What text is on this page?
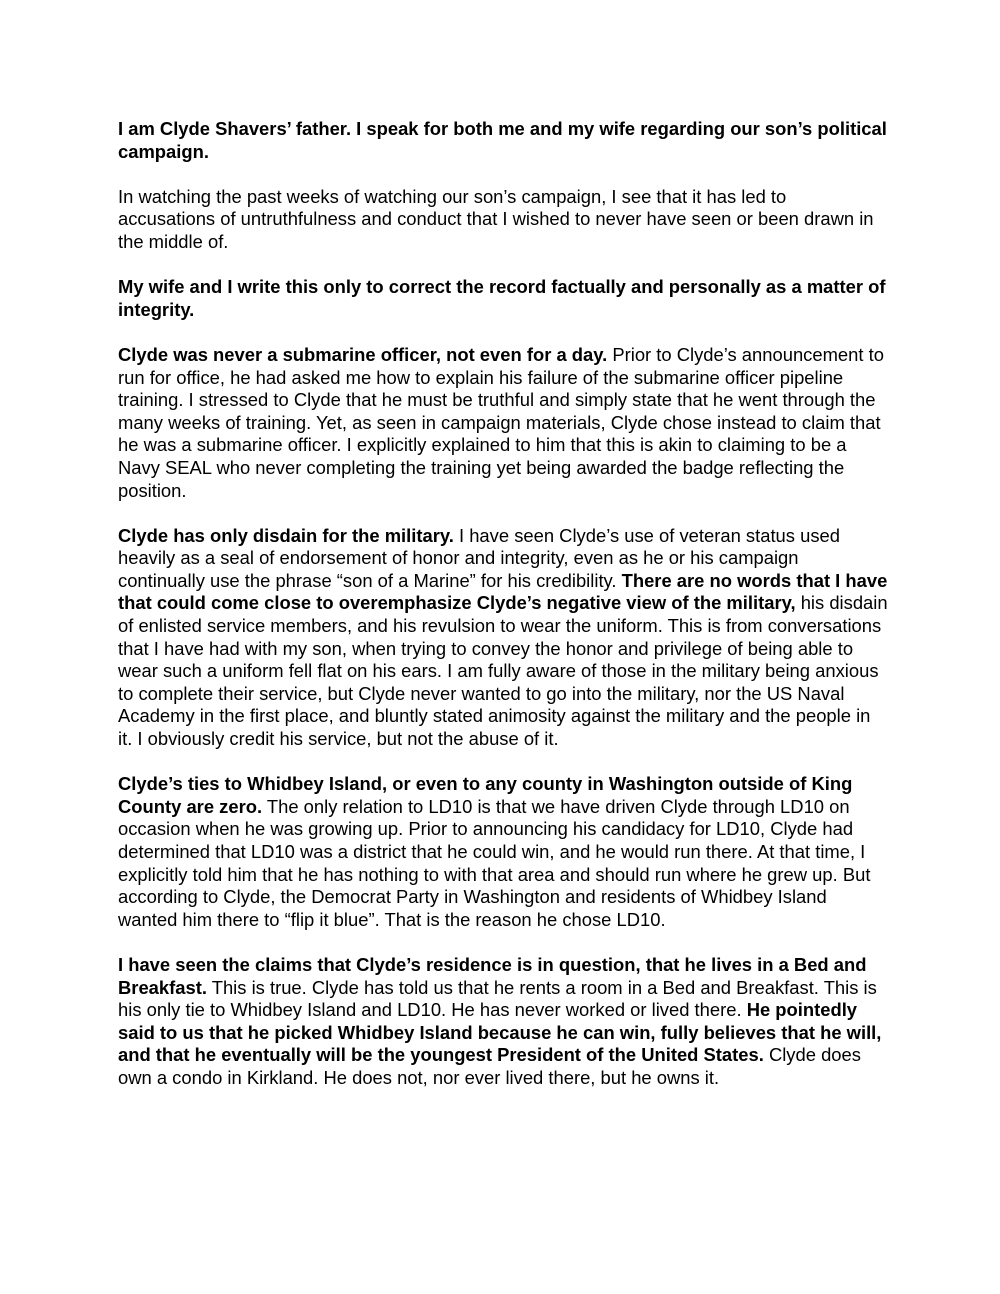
I am Clyde Shavers’ father. I speak for both me and my wife regarding our son’s political campaign.

In watching the past weeks of watching our son’s campaign, I see that it has led to accusations of untruthfulness and conduct that I wished to never have seen or been drawn in the middle of.

My wife and I write this only to correct the record factually and personally as a matter of integrity.

Clyde was never a submarine officer, not even for a day. Prior to Clyde’s announcement to run for office, he had asked me how to explain his failure of the submarine officer pipeline training. I stressed to Clyde that he must be truthful and simply state that he went through the many weeks of training. Yet, as seen in campaign materials, Clyde chose instead to claim that he was a submarine officer. I explicitly explained to him that this is akin to claiming to be a Navy SEAL who never completing the training yet being awarded the badge reflecting the position.

Clyde has only disdain for the military. I have seen Clyde’s use of veteran status used heavily as a seal of endorsement of honor and integrity, even as he or his campaign continually use the phrase “son of a Marine” for his credibility. There are no words that I have that could come close to overemphasize Clyde’s negative view of the military, his disdain of enlisted service members, and his revulsion to wear the uniform. This is from conversations that I have had with my son, when trying to convey the honor and privilege of being able to wear such a uniform fell flat on his ears. I am fully aware of those in the military being anxious to complete their service, but Clyde never wanted to go into the military, nor the US Naval Academy in the first place, and bluntly stated animosity against the military and the people in it. I obviously credit his service, but not the abuse of it.

Clyde’s ties to Whidbey Island, or even to any county in Washington outside of King County are zero. The only relation to LD10 is that we have driven Clyde through LD10 on occasion when he was growing up. Prior to announcing his candidacy for LD10, Clyde had determined that LD10 was a district that he could win, and he would run there. At that time, I explicitly told him that he has nothing to with that area and should run where he grew up. But according to Clyde, the Democrat Party in Washington and residents of Whidbey Island wanted him there to “flip it blue”. That is the reason he chose LD10.

I have seen the claims that Clyde’s residence is in question, that he lives in a Bed and Breakfast. This is true. Clyde has told us that he rents a room in a Bed and Breakfast. This is his only tie to Whidbey Island and LD10. He has never worked or lived there. He pointedly said to us that he picked Whidbey Island because he can win, fully believes that he will, and that he eventually will be the youngest President of the United States. Clyde does own a condo in Kirkland. He does not, nor ever lived there, but he owns it.
